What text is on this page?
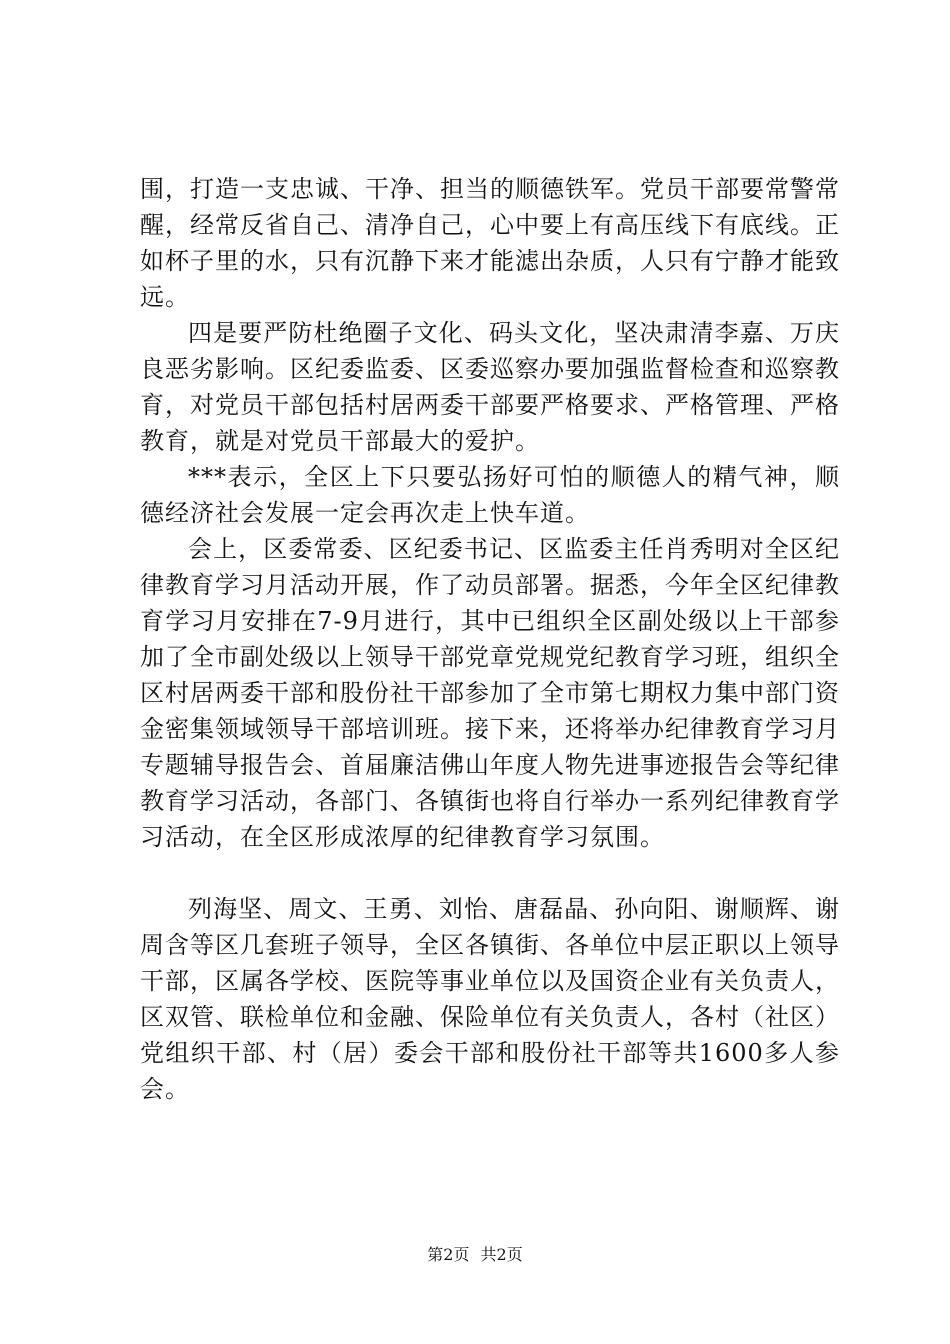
围，打造一支忠诚、干净、担当的顺德铁军。党员干部要常警常醒，经常反省自己、清净自己，心中要上有高压线下有底线。正如杯子里的水，只有沉静下来才能滤出杂质，人只有宁静才能致远。

四是要严防杜绝圈子文化、码头文化，坚决肃清李嘉、万庆良恶劣影响。区纪委监委、区委巡察办要加强监督检查和巡察教育，对党员干部包括村居两委干部要严格要求、严格管理、严格教育，就是对党员干部最大的爱护。

***表示，全区上下只要弘扬好可怕的顺德人的精气神，顺德经济社会发展一定会再次走上快车道。

会上，区委常委、区纪委书记、区监委主任肖秀明对全区纪律教育学习月活动开展，作了动员部署。据悉，今年全区纪律教育学习月安排在7-9月进行，其中已组织全区副处级以上干部参加了全市副处级以上领导干部党章党规党纪教育学习班，组织全区村居两委干部和股份社干部参加了全市第七期权力集中部门资金密集领域领导干部培训班。接下来，还将举办纪律教育学习月专题辅导报告会、首届廉洁佛山年度人物先进事迹报告会等纪律教育学习活动，各部门、各镇街也将自行举办一系列纪律教育学习活动，在全区形成浓厚的纪律教育学习氛围。

列海坚、周文、王勇、刘怡、唐磊晶、孙向阳、谢顺辉、谢周含等区几套班子领导，全区各镇街、各单位中层正职以上领导干部，区属各学校、医院等事业单位以及国资企业有关负责人，区双管、联检单位和金融、保险单位有关负责人，各村（社区）党组织干部、村（居）委会干部和股份社干部等共1600多人参会。

第2页 共2页
